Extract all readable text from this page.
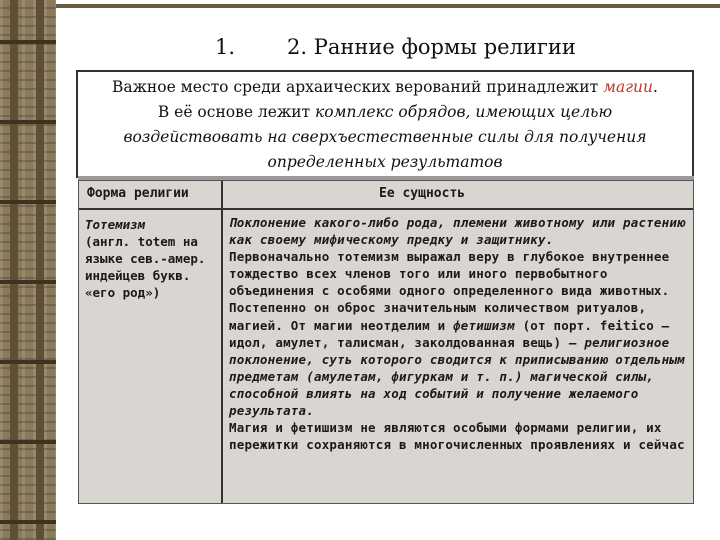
1. 2. Ранние формы религии
Важное место среди архаических верований принадлежит магии.
В её основе лежит комплекс обрядов, имеющих целью
воздействовать на сверхъестественные силы для получения
определенных результатов
Форма религии	Ее сущность
Тотемизм
(англ. totem на языке сев.-амер. индейцев букв. «его род»)

Поклонение какого-либо рода, племени животному или растению как своему мифическому предку и защитнику.

Первоначально тотемизм выражал веру в глубокое внутреннее тождество всех членов того или иного первобытного объединения с особями одного определенного вида животных. Постепенно он оброс значительным количеством ритуалов, магией. От магии неотделим и фетишизм (от порт. feitico — идол, амулет, талисман, заколдованная вещь) — религиозное поклонение, суть которого сводится к приписыванию отдельным предметам (амулетам, фигуркам и т. п.) магической силы, способной влиять на ход событий и получение желаемого результата.

Магия и фетишизм не являются особыми формами религии, их пережитки сохраняются в многочисленных проявлениях и сейчас
